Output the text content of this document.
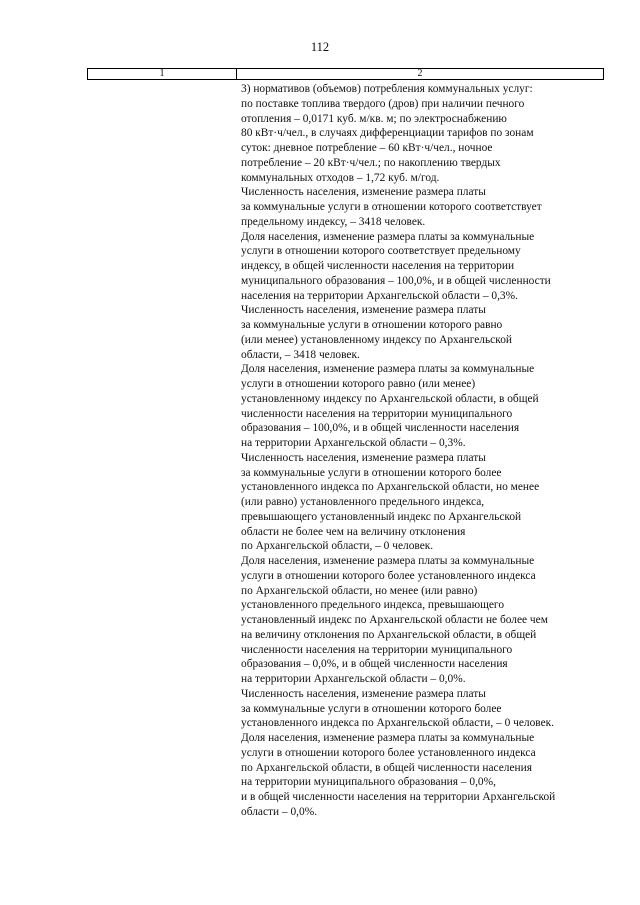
112
1	2
3) нормативов (объемов) потребления коммунальных услуг:
по поставке топлива твердого (дров) при наличии печного
отопления – 0,0171 куб. м/кв. м; по электроснабжению
80 кВт·ч/чел., в случаях дифференциации тарифов по зонам
суток: дневное потребление – 60 кВт·ч/чел., ночное
потребление – 20 кВт·ч/чел.; по накоплению твердых
коммунальных отходов – 1,72 куб. м/год.
Численность населения, изменение размера платы
за коммунальные услуги в отношении которого соответствует
предельному индексу, – 3418 человек.
Доля населения, изменение размера платы за коммунальные
услуги в отношении которого соответствует предельному
индексу, в общей численности населения на территории
муниципального образования – 100,0%, и в общей численности
населения на территории Архангельской области – 0,3%.
Численность населения, изменение размера платы
за коммунальные услуги в отношении которого равно
(или менее) установленному индексу по Архангельской
области, – 3418 человек.
Доля населения, изменение размера платы за коммунальные
услуги в отношении которого равно (или менее)
установленному индексу по Архангельской области, в общей
численности населения на территории муниципального
образования – 100,0%, и в общей численности населения
на территории Архангельской области – 0,3%.
Численность населения, изменение размера платы
за коммунальные услуги в отношении которого более
установленного индекса по Архангельской области, но менее
(или равно) установленного предельного индекса,
превышающего установленный индекс по Архангельской
области не более чем на величину отклонения
по Архангельской области, – 0 человек.
Доля населения, изменение размера платы за коммунальные
услуги в отношении которого более установленного индекса
по Архангельской области, но менее (или равно)
установленного предельного индекса, превышающего
установленный индекс по Архангельской области не более чем
на величину отклонения по Архангельской области, в общей
численности населения на территории муниципального
образования – 0,0%, и в общей численности населения
на территории Архангельской области – 0,0%.
Численность населения, изменение размера платы
за коммунальные услуги в отношении которого более
установленного индекса по Архангельской области, – 0 человек.
Доля населения, изменение размера платы за коммунальные
услуги в отношении которого более установленного индекса
по Архангельской области, в общей численности населения
на территории муниципального образования – 0,0%,
и в общей численности населения на территории Архангельской
области – 0,0%.
